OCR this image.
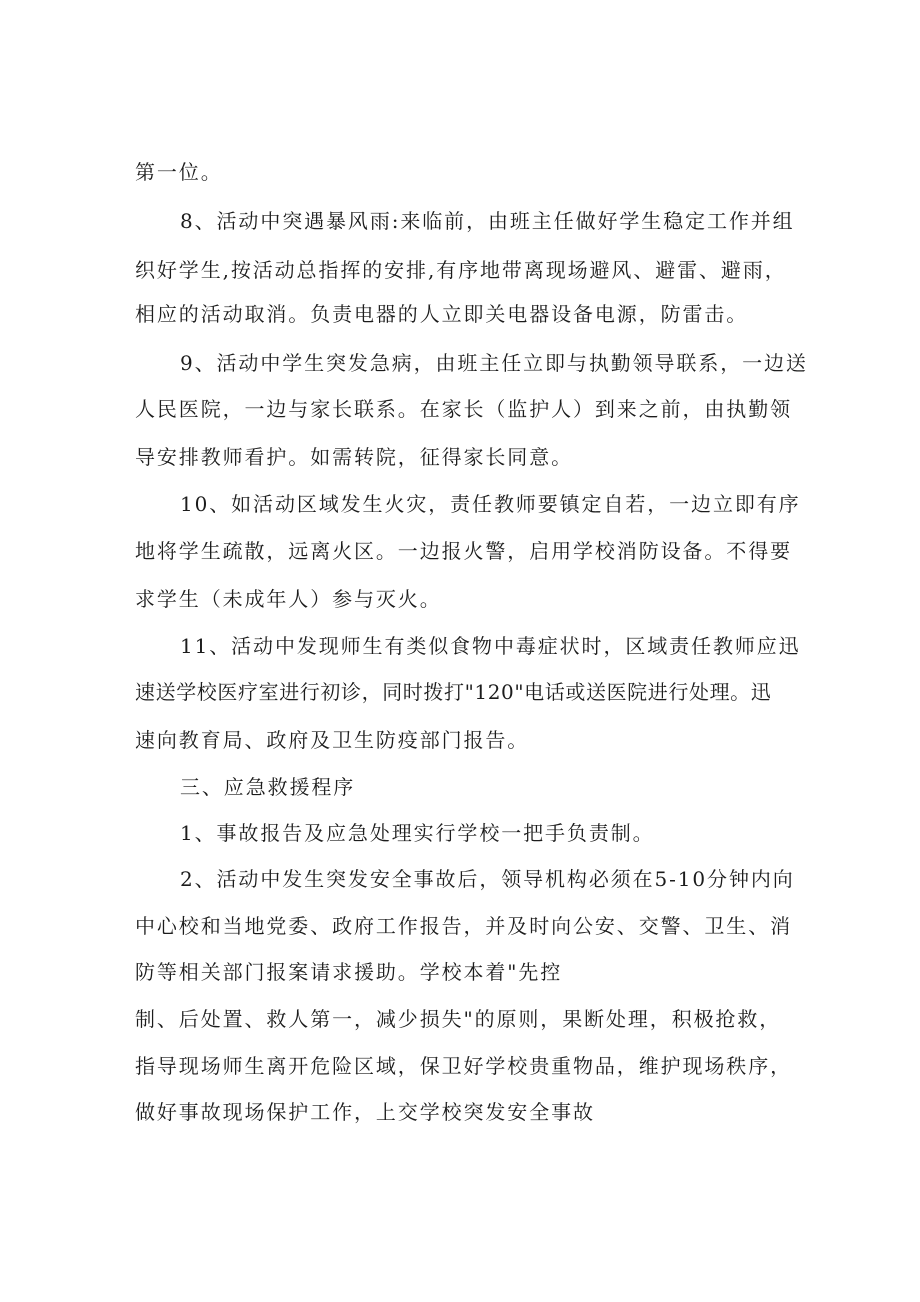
第一位。
8、活动中突遇暴风雨:来临前，由班主任做好学生稳定工作并组
织好学生,按活动总指挥的安排,有序地带离现场避风、避雷、避雨，
相应的活动取消。负责电器的人立即关电器设备电源，防雷击。
9、活动中学生突发急病，由班主任立即与执勤领导联系，一边送
人民医院，一边与家长联系。在家长（监护人）到来之前，由执勤领
导安排教师看护。如需转院，征得家长同意。
10、如活动区域发生火灾，责任教师要镇定自若，一边立即有序
地将学生疏散，远离火区。一边报火警，启用学校消防设备。不得要
求学生（未成年人）参与灭火。
11、活动中发现师生有类似食物中毒症状时，区域责任教师应迅
速送学校医疗室进行初诊，同时拨打"120"电话或送医院进行处理。迅
速向教育局、政府及卫生防疫部门报告。
三、应急救援程序
1、事故报告及应急处理实行学校一把手负责制。
2、活动中发生突发安全事故后，领导机构必须在5-10分钟内向
中心校和当地党委、政府工作报告，并及时向公安、交警、卫生、消
防等相关部门报案请求援助。学校本着"先控
制、后处置、救人第一，减少损失"的原则，果断处理，积极抢救，
指导现场师生离开危险区域，保卫好学校贵重物品，维护现场秩序，
做好事故现场保护工作，上交学校突发安全事故
